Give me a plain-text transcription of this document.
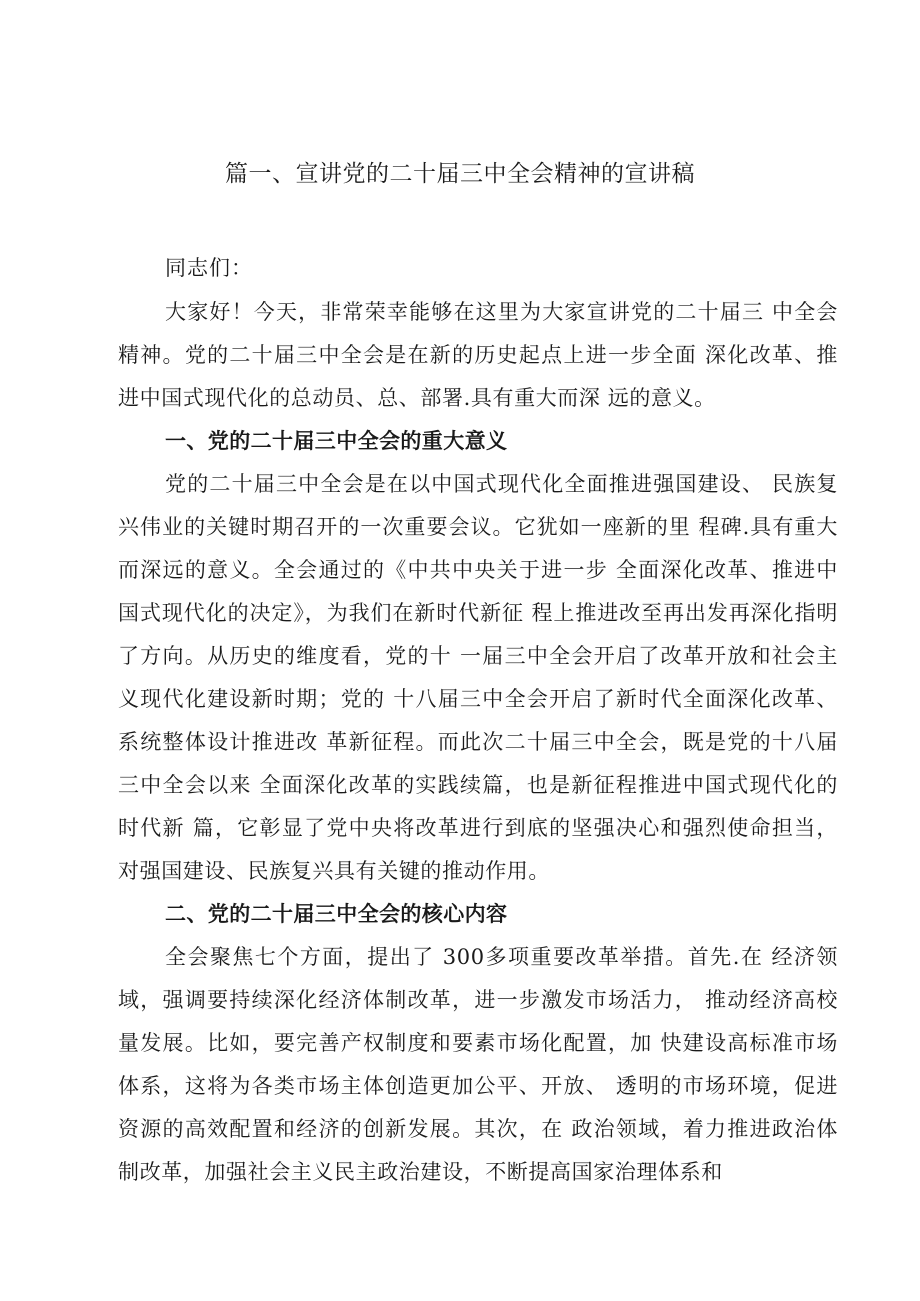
篇一、宣讲党的二十届三中全会精神的宣讲稿

同志们：

大家好！今天，非常荣幸能够在这里为大家宣讲党的二十届三 中全会精神。党的二十届三中全会是在新的历史起点上进一步全面 深化改革、推进中国式现代化的总动员、总、部署.具有重大而深 远的意义。

一、党的二十届三中全会的重大意义

党的二十届三中全会是在以中国式现代化全面推进强国建设、 民族复兴伟业的关键时期召开的一次重要会议。它犹如一座新的里 程碑.具有重大而深远的意义。全会通过的《中共中央关于进一步 全面深化改革、推进中国式现代化的决定》，为我们在新时代新征 程上推进改至再出发再深化指明了方向。从历史的维度看，党的十 一届三中全会开启了改革开放和社会主义现代化建设新时期；党的 十八届三中全会开启了新时代全面深化改革、系统整体设计推进改 革新征程。而此次二十届三中全会，既是党的十八届三中全会以来 全面深化改革的实践续篇，也是新征程推进中国式现代化的时代新 篇，它彰显了党中央将改革进行到底的坚强决心和强烈使命担当， 对强国建设、民族复兴具有关键的推动作用。

二、党的二十届三中全会的核心内容

全会聚焦七个方面，提出了 300多项重要改革举措。首先.在 经济领域，强调要持续深化经济体制改革，进一步激发市场活力， 推动经济高校量发展。比如，要完善产权制度和要素市场化配置，加 快建设高标准市场体系，这将为各类市场主体创造更加公平、开放、 透明的市场环境，促进资源的高效配置和经济的创新发展。其次，在 政治领域，着力推进政治体制改革，加强社会主义民主政治建设，不断提高国家治理体系和
